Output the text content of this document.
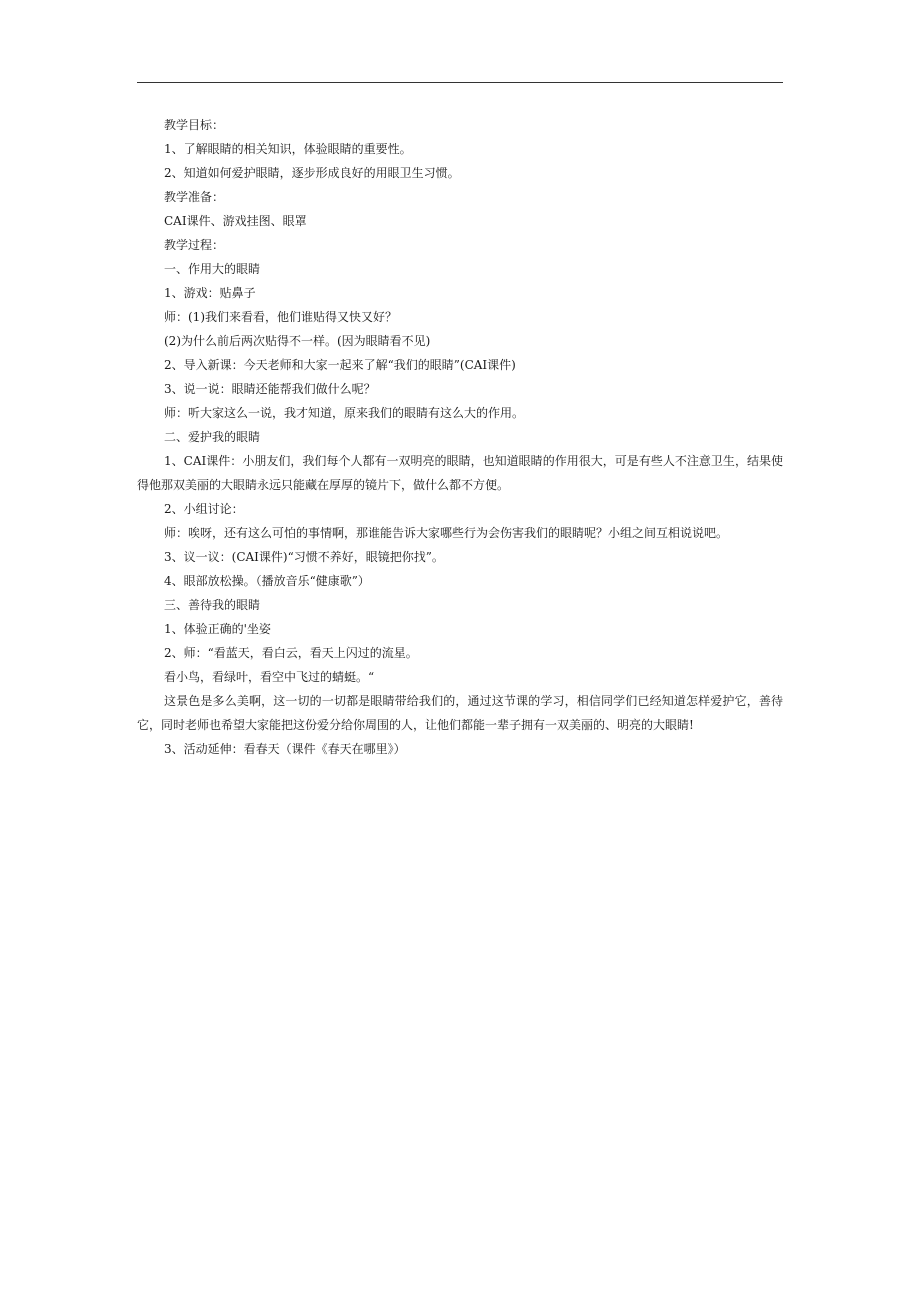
教学目标：

1、了解眼睛的相关知识，体验眼睛的重要性。

2、知道如何爱护眼睛，逐步形成良好的用眼卫生习惯。

教学准备：

CAI课件、游戏挂图、眼罩

教学过程：

一、作用大的眼睛

1、游戏：贴鼻子

师：(1)我们来看看，他们谁贴得又快又好？

(2)为什么前后两次贴得不一样。(因为眼睛看不见)

2、导入新课：今天老师和大家一起来了解“我们的眼睛”(CAI课件)

3、说一说：眼睛还能帮我们做什么呢？

师：听大家这么一说，我才知道，原来我们的眼睛有这么大的作用。

二、爱护我的眼睛

1、CAI课件：小朋友们，我们每个人都有一双明亮的眼睛，也知道眼睛的作用很大，可是有些人不注意卫生，结果使得他那双美丽的大眼睛永远只能藏在厚厚的镜片下，做什么都不方便。

2、小组讨论：

师：唉呀，还有这么可怕的事情啊，那谁能告诉大家哪些行为会伤害我们的眼睛呢？小组之间互相说说吧。

3、议一议：(CAI课件)“习惯不养好，眼镜把你找”。

4、眼部放松操。（播放音乐“健康歌”）

三、善待我的眼睛

1、体验正确的'坐姿

2、师：“看蓝天，看白云，看天上闪过的流星。

看小鸟，看绿叶，看空中飞过的蜻蜓。“

这景色是多么美啊，这一切的一切都是眼睛带给我们的，通过这节课的学习，相信同学们已经知道怎样爱护它，善待它，同时老师也希望大家能把这份爱分给你周围的人，让他们都能一辈子拥有一双美丽的、明亮的大眼睛!

3、活动延伸：看春天（课件《春天在哪里》）
